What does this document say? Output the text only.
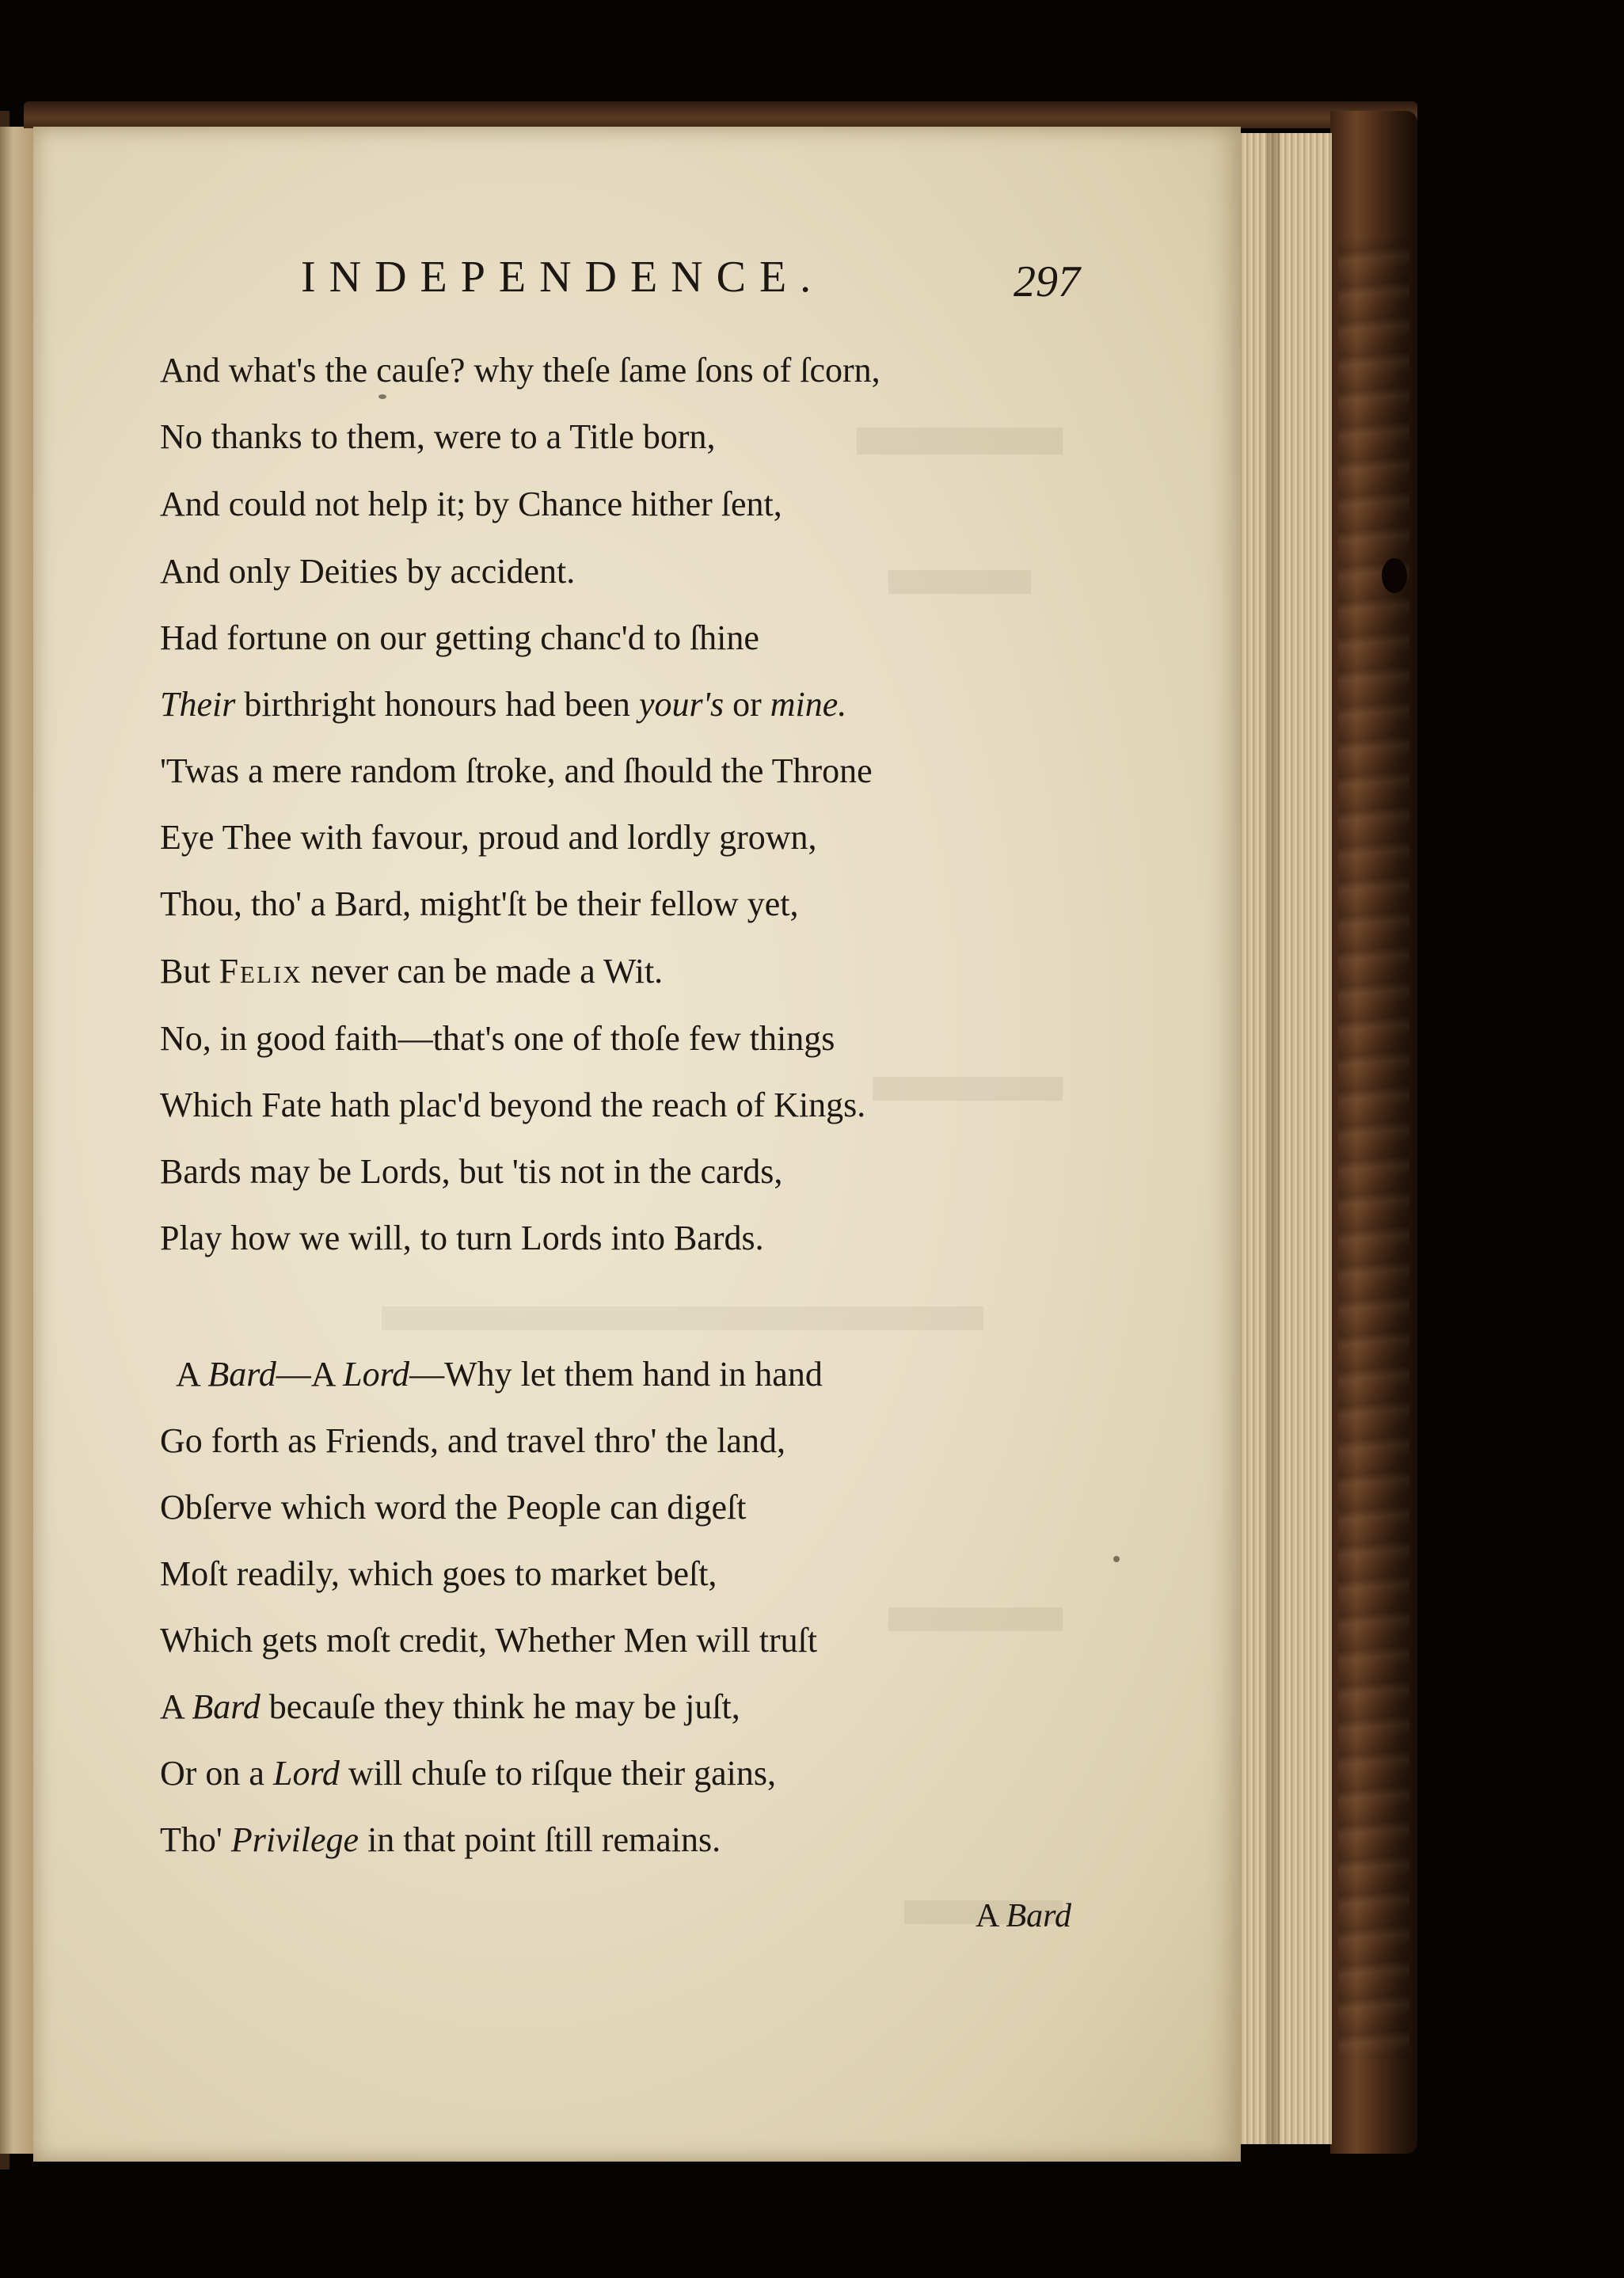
INDEPENDENCE.	297
And what's the cauſe? why theſe ſame ſons of ſcorn,
No thanks to them, were to a Title born,
And could not help it; by Chance hither ſent,
And only Deities by accident.
Had fortune on our getting chanc'd to ſhine
Their birthright honours had been your's or mine.
'Twas a mere random ſtroke, and ſhould the Throne
Eye Thee with favour, proud and lordly grown,
Thou, tho' a Bard, might'ſt be their fellow yet,
But Felix never can be made a Wit.
No, in good faith—that's one of thoſe few things
Which Fate hath plac'd beyond the reach of Kings.
Bards may be Lords, but 'tis not in the cards,
Play how we will, to turn Lords into Bards.
A Bard—A Lord—Why let them hand in hand
Go forth as Friends, and travel thro' the land,
Obſerve which word the People can digeſt
Moſt readily, which goes to market beſt,
Which gets moſt credit, Whether Men will truſt
A Bard becauſe they think he may be juſt,
Or on a Lord will chuſe to riſque their gains,
Tho' Privilege in that point ſtill remains.
A Bard
